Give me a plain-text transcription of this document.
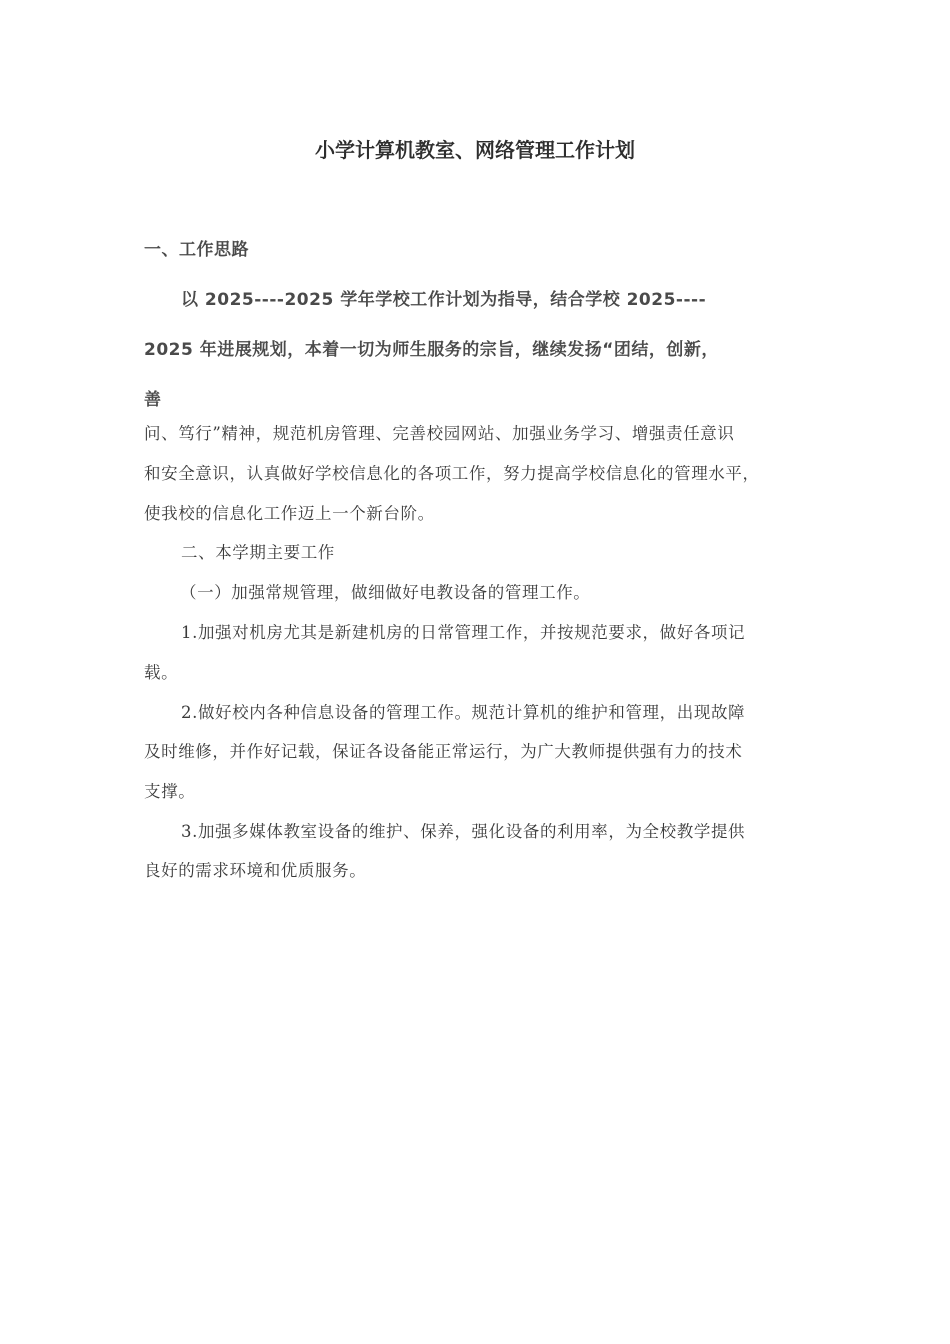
小学计算机教室、网络管理工作计划

一、工作思路

以 2025----2025 学年学校工作计划为指导，结合学校 2025----

2025 年进展规划，本着一切为师生服务的宗旨，继续发扬“团结，创新，

善

问、笃行”精神，规范机房管理、完善校园网站、加强业务学习、增强责任意识

和安全意识，认真做好学校信息化的各项工作，努力提高学校信息化的管理水平，

使我校的信息化工作迈上一个新台阶。

二、本学期主要工作

（一）加强常规管理，做细做好电教设备的管理工作。

1.加强对机房尤其是新建机房的日常管理工作，并按规范要求，做好各项记

载。

2.做好校内各种信息设备的管理工作。规范计算机的维护和管理，出现故障

及时维修，并作好记载，保证各设备能正常运行，为广大教师提供强有力的技术

支撑。

3.加强多媒体教室设备的维护、保养，强化设备的利用率，为全校教学提供

良好的需求环境和优质服务。
